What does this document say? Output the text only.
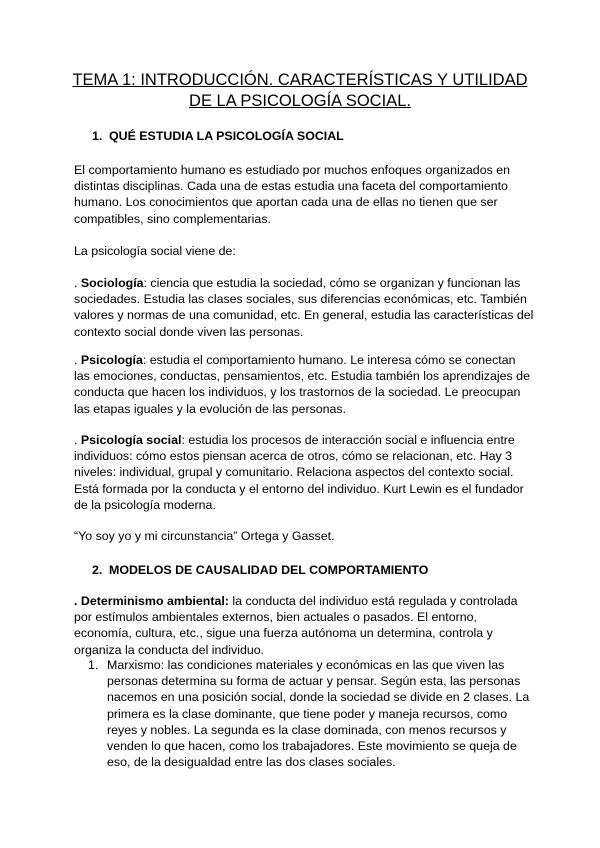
TEMA 1: INTRODUCCIÓN. CARACTERÍSTICAS Y UTILIDAD
DE LA PSICOLOGÍA SOCIAL.
1. QUÉ ESTUDIA LA PSICOLOGÍA SOCIAL

El comportamiento humano es estudiado por muchos enfoques organizados en distintas disciplinas. Cada una de estas estudia una faceta del comportamiento humano. Los conocimientos que aportan cada una de ellas no tienen que ser compatibles, sino complementarias.

La psicología social viene de:

. Sociología: ciencia que estudia la sociedad, cómo se organizan y funcionan las sociedades. Estudia las clases sociales, sus diferencias económicas, etc. También valores y normas de una comunidad, etc. En general, estudia las características del contexto social donde viven las personas.

. Psicología: estudia el comportamiento humano. Le interesa cómo se conectan las emociones, conductas, pensamientos, etc. Estudia también los aprendizajes de conducta que hacen los individuos, y los trastornos de la sociedad. Le preocupan las etapas iguales y la evolución de las personas.

. Psicología social: estudia los procesos de interacción social e influencia entre individuos: cómo estos piensan acerca de otros, cómo se relacionan, etc. Hay 3 niveles: individual, grupal y comunitario. Relaciona aspectos del contexto social. Está formada por la conducta y el entorno del individuo. Kurt Lewin es el fundador de la psicología moderna.

“Yo soy yo y mi circunstancia” Ortega y Gasset.

2. MODELOS DE CAUSALIDAD DEL COMPORTAMIENTO

. Determinismo ambiental: la conducta del individuo está regulada y controlada por estímulos ambientales externos, bien actuales o pasados. El entorno, economía, cultura, etc., sigue una fuerza autónoma un determina, controla y organiza la conducta del individuo.

1. Marxismo: las condiciones materiales y económicas en las que viven las personas determina su forma de actuar y pensar. Según esta, las personas nacemos en una posición social, donde la sociedad se divide en 2 clases. La primera es la clase dominante, que tiene poder y maneja recursos, como reyes y nobles. La segunda es la clase dominada, con menos recursos y venden lo que hacen, como los trabajadores. Este movimiento se queja de eso, de la desigualdad entre las dos clases sociales.
